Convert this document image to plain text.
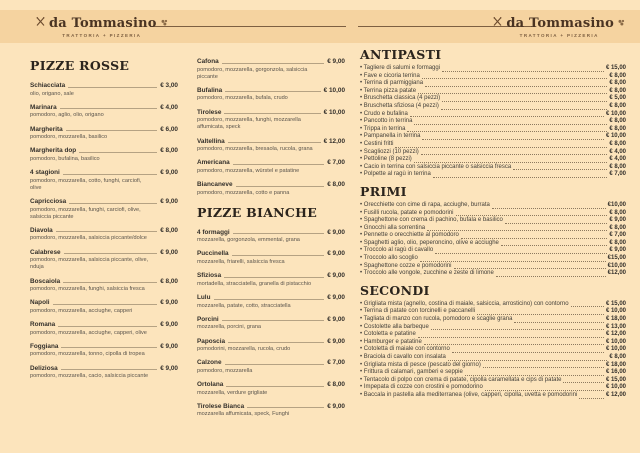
da Tommasino
TRATTORIA + PIZZERIA
da Tommasino
TRATTORIA + PIZZERIA
PIZZE ROSSE
Schiacciata	€ 3,00
olio, origano, sale
Marinara	€ 4,00
pomodoro, aglio, olio, origano
Margherita	€ 6,00
pomodoro, mozzarella, basilico
Margherita dop	€ 8,00
pomodoro, bufalina, basilico
4 stagioni	€ 9,00
pomodoro, mozzarella, cotto, funghi, carciofi, olive
Capricciosa	€ 9,00
pomodoro, mozzarella, funghi, carciofi, olive, salsiccia piccante
Diavola	€ 8,00
pomodoro, mozzarella, salsiccia piccante/dolce
Calabrese	€ 9,00
pomodoro, mozzarella, salsiccia piccante, olive, nduja
Boscaiola	€ 8,00
pomodoro, mozzarella, funghi, salsiccia fresca
Napoli	€ 9,00
pomodoro, mozzarella, acciughe, capperi
Romana	€ 9,00
pomodoro, mozzarella, acciughe, capperi, olive
Foggiana	€ 9,00
pomodoro, mozzarella, tonno, cipolla di tropea
Deliziosa	€ 9,00
pomodoro, mozzarella, cacio, salsiccia piccante
Cafona	€ 9,00
pomodoro, mozzarella, gorgonzola, salsiccia piccante
Bufalina	€ 10,00
pomodoro, mozzarella, bufala, crudo
Tirolese	€ 10,00
pomodoro, mozzarella, funghi, mozzarella affumicata, speck
Valtellina	€ 12,00
pomodoro, mozzarella, bresaola, rucola, grana
Americana	€ 7,00
pomodoro, mozzarella, würstel e patatine
Biancaneve	€ 8,00
pomodoro, mozzarella, cotto e panna
PIZZE BIANCHE
4 formaggi	€ 9,00
mozzarella, gorgonzola, emmental, grana
Puccinella	€ 9,00
mozzarella, friarelli, salsiccia fresca
Sfiziosa	€ 9,00
mortadella, stracciatella, granella di pistacchio
Lulu	€ 9,00
mozzarella, patate, cotto, stracciatella
Porcini	€ 9,00
mozzarella, porcini, grana
Paposcia	€ 9,00
pomodorini, mozzarella, rucola, crudo
Calzone	€ 7,00
pomodoro, mozzarella
Ortolana	€ 8,00
mozzarella, verdure grigliate
Tirolese Bianca	€ 9,00
mozzarella affumicata, speck, Funghi
ANTIPASTI
• Tagliere di salumi e formaggi	€ 15,00
• Fave e cicoria terrina	€ 8,00
• Terrina di parmiggiana	€ 8,00
• Terrina pizza patate	€ 8,00
• Bruschetta classica (4 pezzi)	€ 5,00
• Bruschetta sfiziosa (4 pezzi)	€ 8,00
• Crudo e bufalina	€ 10,00
• Pancotto in terrina	€ 8,00
• Trippa in terrina	€ 8,00
• Pampanella in terrina	€ 10,00
• Cestini fritti	€ 8,00
• Scagliozzi (10 pezzi)	€ 4,00
• Pettoline (8 pezzi)	€ 4,00
• Cacio in terrina con salsiccia piccante o salsiccia fresca	€ 8,00
• Polpette al ragù in terrina	€ 7,00
PRIMI
• Orecchiette con cime di rapa, acciughe, burrata	€10,00
• Fusilli rucola, patate e pomodorini	€ 8,00
• Spaghettone con crema di pachino, bufala e basilico	€ 9,00
• Gnocchi alla sorrentina	€ 8,00
• Pennette o orecchiette al pomodoro	€ 7,00
• Spaghetti aglio, olio, peperoncino, olive e acciughe	€ 8,00
• Troccolo al ragù di cavallo	€ 9,00
• Troccolo allo scoglio	€15,00
• Spaghettone cozze e pomodorini	€10,00
• Troccolo alle vongole, zucchine e zeste di limone	€12,00
SECONDI
• Grigliata mista (agnello, costina di maiale, salsiccia, arrosticino) con contorno	€ 15,00
• Terrina di patate con torcinelli e paccanelli	€ 10,00
• Tagliata di manzo con rucola, pomodoro e scaglie grana	€ 18,00
• Costolette alla barbeque	€ 13,00
• Cotoletta e patatine	€ 12,00
• Hamburger e patatine	€ 10,00
• Cotoletta di maiale con contorno	€ 10,00
• Braciola di cavallo con insalata	€ 8,00
• Grigliata mista di pesce (pescato del giorno)	€ 18,00
• Frittura di calamari, gamberi e seppie	€ 16,00
• Tentacolo di polpo con crema di patate, cipolla caramellata e cips di patate	€ 15,00
• Impepata di cozze con crostini e pomodorino	€ 10,00
• Baccala in pastella alla mediterranea (olive, capperi, cipolla, uvetta e pomodorini	€ 12,00
